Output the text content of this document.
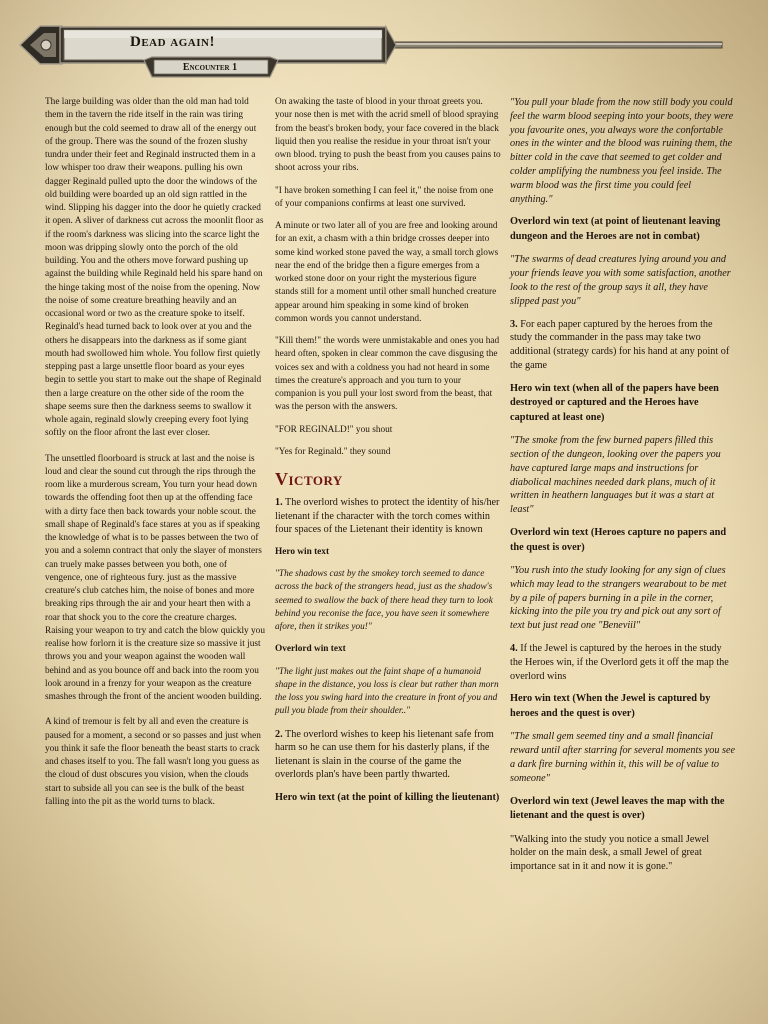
Dead again!
Encounter 1

The large building was older than the old man had told them in the tavern the ride itself in the rain was tiring enough but the cold seemed to draw all of the energy out of the group. There was the sound of the frozen slushy tundra under their feet and Reginald instructed them in a low whisper too draw their weapons. pulling his own dagger Reginald pulled upto the door the windows of the old building were boarded up an old sign rattled in the wind. Slipping his dagger into the door he quietly cracked it open. A sliver of darkness cut across the moonlit floor as if the room's darkness was slicing into the scarce light the moon was dripping slowly onto the porch of the old building. You and the others move forward pushing up against the building while Reginald held his spare hand on the hinge taking most of the noise from the opening. Now the noise of some creature breathing heavily and an occasional word or two as the creature spoke to itself. Reginald's head turned back to look over at you and the others he disappears into the darkness as if some giant mouth had swollowed him whole. You follow first quietly stepping past a large unsettle floor board as your eyes begin to settle you start to make out the shape of Reginald then a large creature on the other side of the room the shape seems sure then the darkness seems to swallow it whole again, reginald slowly creeping every foot lying softly on the floor afront the last ever closer.

The unsettled floorboard is struck at last and the noise is loud and clear the sound cut through the rips through the room like a murderous scream, You turn your head down towards the offending foot then up at the offending face with a dirty face then back towards your noble scout. the small shape of Reginald's face stares at you as if speaking the knowledge of what is to be passes between the two of you and a solemn contract that only the slayer of monsters can truely make passes between you both, one of vengence, one of righteous fury. just as the massive creature's club catches him, the noise of bones and more breaking rips through the air and your heart then with a roar that shock you to the core the creature charges. Raising your weapon to try and catch the blow quickly you realise how forlorn it is the creature size so massive it just throws you and your weapon against the wooden wall behind and as you bounce off and back into the room you look around in a frenzy for your weapon as the creature smashes through the front of the ancient wooden building.

A kind of tremour is felt by all and even the creature is paused for a moment, a second or so passes and just when you think it safe the floor beneath the beast starts to crack and chases itself to you. The fall wasn't long you guess as the cloud of dust obscures you vision, when the clouds start to subside all you can see is the bulk of the beast falling into the pit as the world turns to black.

On awaking the taste of blood in your throat greets you. your nose then is met with the acrid smell of blood spraying from the beast's broken body, your face covered in the black liquid then you realise the residue in your throat isn't your own blood. trying to push the beast from you causes pains to shoot across your ribs.

"I have broken something I can feel it," the noise from one of your companions confirms at least one survived.

A minute or two later all of you are free and looking around for an exit, a chasm with a thin bridge crosses deeper into some kind worked stone paved the way, a small torch glows near the end of the bridge then a figure emerges from a worked stone door on your right the mysterious figure stands still for a moment until other small hunched creature appear around him speaking in some kind of broken common words you cannot understand.

"Kill them!" the words were unmistakable and ones you had heard often, spoken in clear common the cave disgusing the voices sex and with a coldness you had not heard in some times the creature's approach and you turn to your companion is you pull your lost sword from the beast, that was the person with the answers.

"FOR REGINALD!" you shout

"Yes for Reginald." they sound

Victory

1. The overlord wishes to protect the identity of his/her lietenant if the character with the torch comes within four spaces of the Lietenant their identity is known

Hero win text

"The shadows cast by the smokey torch seemed to dance across the back of the strangers head, just as the shadow's seemed to swallow the back of there head they turn to look behind you reconise the face, you have seen it somewhere afore, then it strikes you!"

Overlord win text

"The light just makes out the faint shape of a humanoid shape in the distance, you loss is clear but rather than morn the loss you swing hard into the creature in front of you and pull you blade from their shoulder.."

2. The overlord wishes to keep his lietenant safe from harm so he can use them for his dasterly plans, if the lietenant is slain in the course of the game the overlords plan's have been partly thwarted.

Hero win text (at the point of killing the lieutenant)

"You pull your blade from the now still body you could feel the warm blood seeping into your boots, they were you favourite ones, you always wore the confortable ones in the winter and the blood was ruining them, the bitter cold in the cave that seemed to get colder and colder amplifying the numbness you feel inside. The warm blood was the first time you could feel anything."

Overlord win text (at point of lieutenant leaving dungeon and the Heroes are not in combat)

"The swarms of dead creatures lying around you and your friends leave you with some satisfaction, another look to the rest of the group says it all, they have slipped past you"

3. For each paper captured by the heroes from the study the commander in the pass may take two additional (strategy cards) for his hand at any point of the game

Hero win text (when all of the papers have been destroyed or captured and the Heroes have captured at least one)

"The smoke from the few burned papers filled this section of the dungeon, looking over the papers you have captured large maps and instructions for diabolical machines needed dark plans, much of it written in heathern languages but it was a start at least"

Overlord win text (Heroes capture no papers and the quest is over)

"You rush into the study looking for any sign of clues which may lead to the strangers wearabout to be met by a pile of papers burning in a pile in the corner, kicking into the pile you try and pick out any sort of text but just read one "Beneviil"

4. If the Jewel is captured by the heroes in the study the Heroes win, if the Overlord gets it off the map the overlord wins

Hero win text (When the Jewel is captured by heroes and the quest is over)

"The small gem seemed tiny and a small financial reward until after starring for several moments you see a dark fire burning within it, this will be of value to someone"

Overlord win text (Jewel leaves the map with the lietenant and the quest is over)

"Walking into the study you notice a small Jewel holder on the main desk, a small Jewel of great importance sat in it and now it is gone."
